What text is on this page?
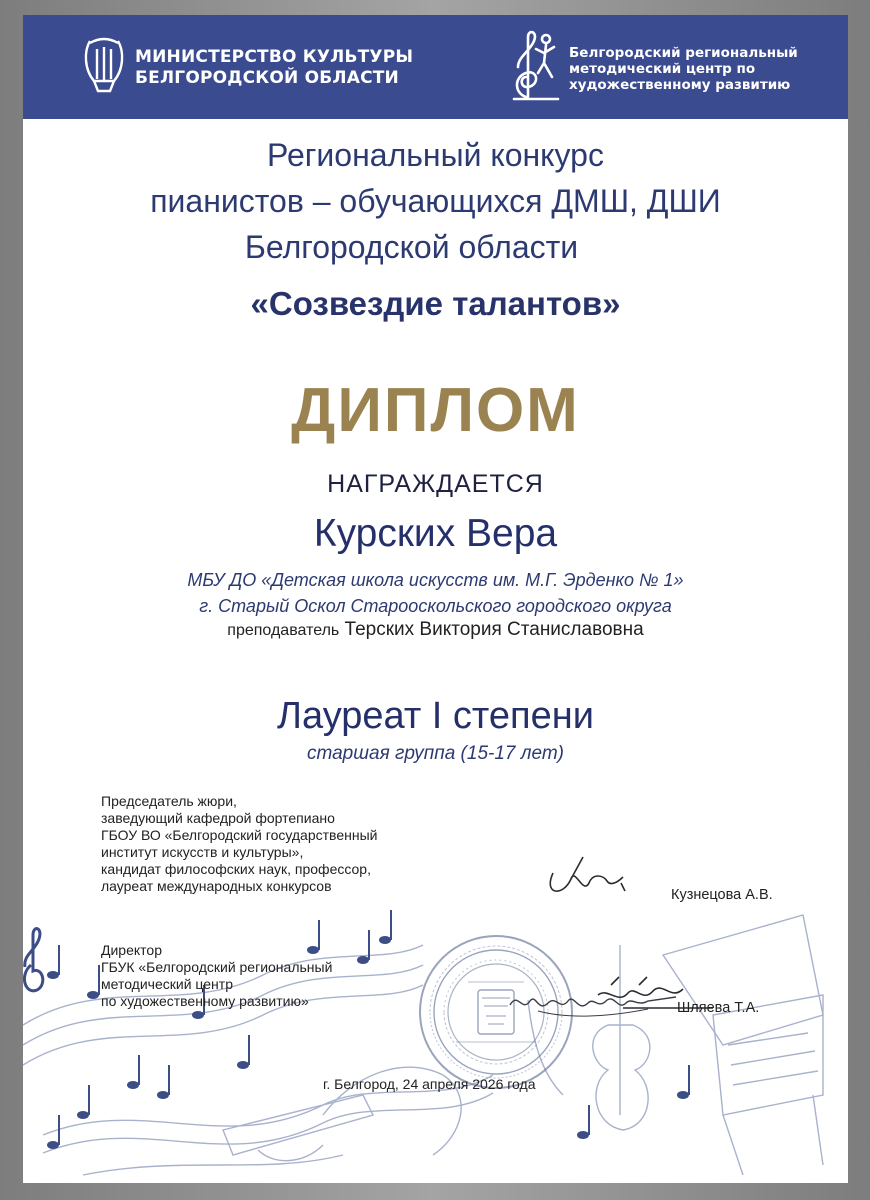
МИНИСТЕРСТВО КУЛЬТУРЫ
БЕЛГОРОДСКОЙ ОБЛАСТИ
Белгородский региональный
методический центр по
художественному развитию
Региональный конкурс
пианистов – обучающихся ДМШ, ДШИ
Белгородской области
«Созвездие талантов»
ДИПЛОМ
НАГРАЖДАЕТСЯ
Курских Вера
МБУ ДО «Детская школа искусств им. М.Г. Эрденко № 1»
г. Старый Оскол Старооскольского городского округа
преподаватель Терских Виктория Станиславовна
Лауреат I степени
старшая группа (15-17 лет)
Председатель жюри,
заведующий кафедрой фортепиано
ГБОУ ВО «Белгородский государственный
институт искусств и культуры»,
кандидат философских наук, профессор,
лауреат международных конкурсов
Кузнецова А.В.
Директор
ГБУК «Белгородский региональный
методический центр
по художественному развитию»	Шляева Т.А.
г. Белгород, 24 апреля 2026 года
